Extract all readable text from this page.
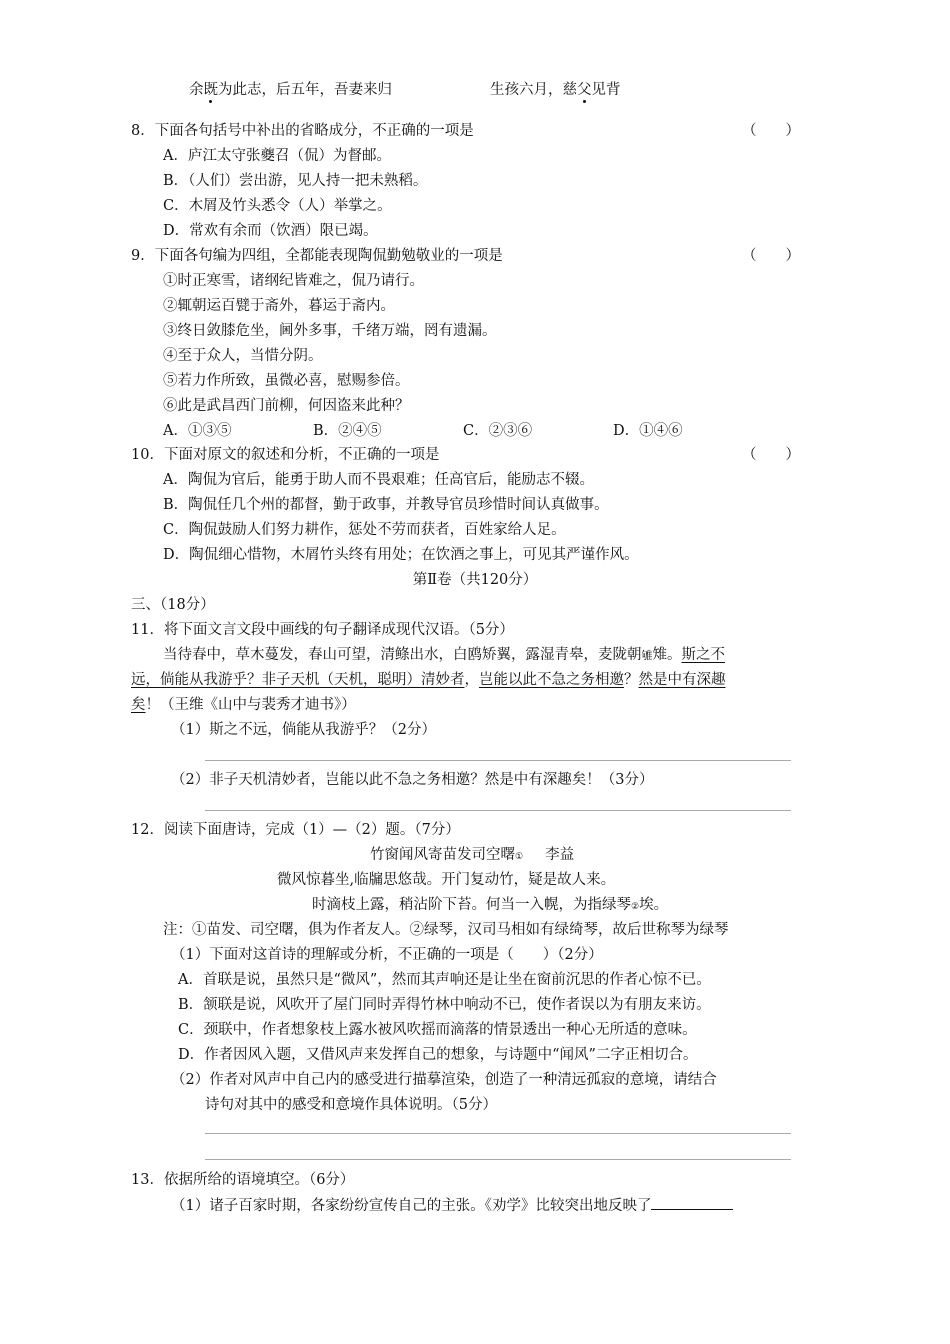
余既为此志，后五年，吾妻来归	生孩六月，慈父见背
8．下面各句括号中补出的省略成分，不正确的一项是	（　　）
A．庐江太守张夔召（侃）为督邮。
B．（人们）尝出游，见人持一把未熟稻。
C．木屑及竹头悉令（人）举掌之。
D．常欢有余而（饮酒）限已竭。
9．下面各句编为四组，全都能表现陶侃勤勉敬业的一项是	（　　）
①时正寒雪，诸纲纪皆难之，侃乃请行。
②辄朝运百甓于斋外，暮运于斋内。
③终日敛膝危坐，阃外多事，千绪万端，罔有遗漏。
④至于众人，当惜分阴。
⑤若力作所致，虽微必喜，慰赐参倍。
⑥此是武昌西门前柳，何因盗来此种？
A．①③⑤	B．②④⑤	C．②③⑥	D．①④⑥
10．下面对原文的叙述和分析，不正确的一项是	（　　）
A．陶侃为官后，能勇于助人而不畏艰难；任高官后，能励志不辍。
B．陶侃任几个州的都督，勤于政事，并教导官员珍惜时间认真做事。
C．陶侃鼓励人们努力耕作，惩处不劳而获者，百姓家给人足。
D．陶侃细心惜物，木屑竹头终有用处；在饮酒之事上，可见其严谨作风。
第Ⅱ卷（共120分）
三、（18分）
11．将下面文言文段中画线的句子翻译成现代汉语。（5分）
当待春中，草木蔓发，春山可望，清鲦出水，白鸥矫翼，露湿青皋，麦陇朝雊雉。斯之不
远，倘能从我游乎？非子天机（天机，聪明）清妙者，岂能以此不急之务相邀？然是中有深趣
矣！（王维《山中与裴秀才迪书》）
（1）斯之不远，倘能从我游乎？（2分）
（2）非子天机清妙者，岂能以此不急之务相邀？然是中有深趣矣！（3分）
12．阅读下面唐诗，完成（1）—（2）题。（7分）
竹窗闻风寄苗发司空曙① 李益
微风惊暮坐,临牖思悠哉。开门复动竹，疑是故人来。
时滴枝上露，稍沾阶下苔。何当一入幌，为指绿琴②埃。
注：①苗发、司空曙，俱为作者友人。②绿琴，汉司马相如有绿绮琴，故后世称琴为绿琴
（1）下面对这首诗的理解或分析，不正确的一项是（　　）（2分）
A．首联是说，虽然只是“微风”，然而其声响还是让坐在窗前沉思的作者心惊不已。
B．颔联是说，风吹开了屋门同时弄得竹林中响动不已，使作者误以为有朋友来访。
C．颈联中，作者想象枝上露水被风吹摇而滴落的情景透出一种心无所适的意味。
D．作者因风入题，又借风声来发挥自己的想象，与诗题中“闻风”二字正相切合。
（2）作者对风声中自己内的感受进行描摹渲染，创造了一种清远孤寂的意境，请结合
诗句对其中的感受和意境作具体说明。（5分）
13．依据所给的语境填空。（6分）
（1）诸子百家时期，各家纷纷宣传自己的主张。《劝学》比较突出地反映了
